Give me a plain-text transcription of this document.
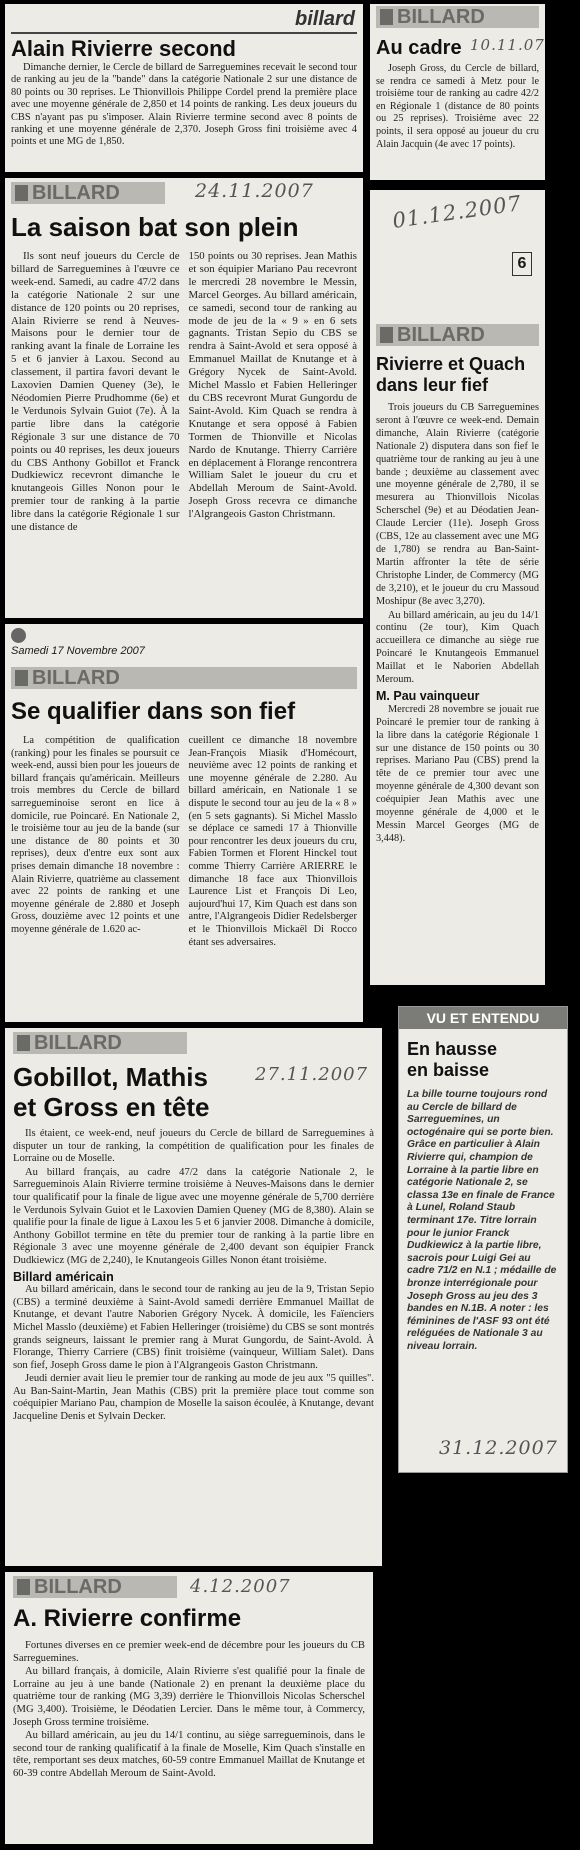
billard
Alain Rivierre second

Dimanche dernier, le Cercle de billard de Sarreguemines recevait le second tour de ranking au jeu de la "bande" dans la catégorie Nationale 2 sur une distance de 80 points ou 30 reprises. Le Thionvillois Philippe Cordel prend la première place avec une moyenne générale de 2,850 et 14 points de ranking. Les deux joueurs du CBS n'ayant pas pu s'imposer. Alain Rivierre termine second avec 8 points de ranking et une moyenne générale de 2,370. Joseph Gross fini troisième avec 4 points et une MG de 1,850.

BILLARD
Au cadre 10.11.07

Joseph Gross, du Cercle de billard, se rendra ce samedi à Metz pour le troisième tour de ranking au cadre 42/2 en Régionale 1 (distance de 80 points ou 25 reprises). Troisième avec 22 points, il sera opposé au joueur du cru Alain Jacquin (4e avec 17 points).

BILLARD	24.11.2007
La saison bat son plein

Ils sont neuf joueurs du Cercle de billard de Sarreguemines à l'œuvre ce week-end. Samedi, au cadre 47/2 dans la catégorie Nationale 2 sur une distance de 120 points ou 20 reprises, Alain Rivierre se rend à Neuves-Maisons pour le dernier tour de ranking avant la finale de Lorraine les 5 et 6 janvier à Laxou. Second au classement, il partira favori devant le Laxovien Damien Queney (3e), le Néodomien Pierre Prudhomme (6e) et le Verdunois Sylvain Guiot (7e). À la partie libre dans la catégorie Régionale 3 sur une distance de 70 points ou 40 reprises, les deux joueurs du CBS Anthony Gobillot et Franck Dudkiewicz recevront dimanche le knutangeois Gilles Nonon pour le premier tour de ranking à la partie libre dans la catégorie Régionale 1 sur une distance de

150 points ou 30 reprises. Jean Mathis et son équipier Mariano Pau recevront le mercredi 28 novembre le Messin, Marcel Georges. Au billard américain, ce samedi, second tour de ranking au mode de jeu de la « 9 » en 6 sets gagnants. Tristan Sepio du CBS se rendra à Saint-Avold et sera opposé à Emmanuel Maillat de Knutange et à Grégory Nycek de Saint-Avold. Michel Masslo et Fabien Helleringer du CBS recevront Murat Gungordu de Saint-Avold. Kim Quach se rendra à Knutange et sera opposé à Fabien Tormen de Thionville et Nicolas Nardo de Knutange. Thierry Carrière en déplacement à Florange rencontrera William Salet le joueur du cru et Abdellah Meroum de Saint-Avold. Joseph Gross recevra ce dimanche l'Algrangeois Gaston Christmann.

01.12.2007
6
BILLARD
Rivierre et Quach dans leur fief

Trois joueurs du CB Sarreguemines seront à l'œuvre ce week-end. Demain dimanche, Alain Rivierre (catégorie Nationale 2) disputera dans son fief le quatrième tour de ranking au jeu à une bande ; deuxième au classement avec une moyenne générale de 2,780, il se mesurera au Thionvillois Nicolas Scherschel (9e) et au Déodatien Jean-Claude Lercier (11e). Joseph Gross (CBS, 12e au classement avec une MG de 1,780) se rendra au Ban-Saint-Martin affronter la tête de série Christophe Linder, de Commercy (MG de 3,210), et le joueur du cru Massoud Moshipur (8e avec 3,270).

Au billard américain, au jeu du 14/1 continu (2e tour), Kim Quach accueillera ce dimanche au siège rue Poincaré le Knutangeois Emmanuel Maillat et le Naborien Abdellah Meroum.

M. Pau vainqueur

Mercredi 28 novembre se jouait rue Poincaré le premier tour de ranking à la libre dans la catégorie Régionale 1 sur une distance de 150 points ou 30 reprises. Mariano Pau (CBS) prend la tête de ce premier tour avec une moyenne générale de 4,300 devant son coéquipier Jean Mathis avec une moyenne générale de 4,000 et le Messin Marcel Georges (MG de 3,448).

Samedi 17 Novembre 2007
BILLARD
Se qualifier dans son fief

La compétition de qualification (ranking) pour les finales se poursuit ce week-end, aussi bien pour les joueurs de billard français qu'américain. Meilleurs trois membres du Cercle de billard sarregueminoise seront en lice à domicile, rue Poincaré. En Nationale 2, le troisième tour au jeu de la bande (sur une distance de 80 points et 30 reprises), deux d'entre eux sont aux prises demain dimanche 18 novembre : Alain Rivierre, quatrième au classement avec 22 points de ranking et une moyenne générale de 2.880 et Joseph Gross, douzième avec 12 points et une moyenne générale de 1.620 ac-

cueillent ce dimanche 18 novembre Jean-François Miasik d'Homécourt, neuvième avec 12 points de ranking et une moyenne générale de 2.280. Au billard américain, en Nationale 1 se dispute le second tour au jeu de la « 8 » (en 5 sets gagnants). Si Michel Masslo se déplace ce samedi 17 à Thionville pour rencontrer les deux joueurs du cru, Fabien Tormen et Florent Hinckel tout comme Thierry Carrière ARIERRE le dimanche 18 face aux Thionvillois Laurence List et François Di Leo, aujourd'hui 17, Kim Quach est dans son antre, l'Algrangeois Didier Redelsberger et le Thionvillois Mickaël Di Rocco étant ses adversaires.

BILLARD
27.11.2007
Gobillot, Mathis
et Gross en tête

Ils étaient, ce week-end, neuf joueurs du Cercle de billard de Sarreguemines à disputer un tour de ranking, la compétition de qualification pour les finales de Lorraine ou de Moselle.

Au billard français, au cadre 47/2 dans la catégorie Nationale 2, le Sarregueminois Alain Rivierre termine troisième à Neuves-Maisons dans le dernier tour qualificatif pour la finale de ligue avec une moyenne générale de 5,700 derrière le Verdunois Sylvain Guiot et le Laxovien Damien Queney (MG de 8,380). Alain se qualifie pour la finale de ligue à Laxou les 5 et 6 janvier 2008. Dimanche à domicile, Anthony Gobillot termine en tête du premier tour de ranking à la partie libre en Régionale 3 avec une moyenne générale de 2,400 devant son équipier Franck Dudkiewicz (MG de 2,240), le Knutangeois Gilles Nonon étant troisième.

Billard américain

Au billard américain, dans le second tour de ranking au jeu de la 9, Tristan Sepio (CBS) a terminé deuxième à Saint-Avold samedi derrière Emmanuel Maillat de Knutange, et devant l'autre Naborien Grégory Nycek. À domicile, les Faïenciers Michel Masslo (deuxième) et Fabien Helleringer (troisième) du CBS se sont montrés grands seigneurs, laissant le premier rang à Murat Gungordu, de Saint-Avold. À Florange, Thierry Carriere (CBS) finit troisième (vainqueur, William Salet). Dans son fief, Joseph Gross dame le pion à l'Algrangeois Gaston Christmann.

Jeudi dernier avait lieu le premier tour de ranking au mode de jeu aux "5 quilles". Au Ban-Saint-Martin, Jean Mathis (CBS) prit la première place tout comme son coéquipier Mariano Pau, champion de Moselle la saison écoulée, à Knutange, devant Jacqueline Denis et Sylvain Decker.

VU ET ENTENDU
En hausse en baisse
La bille tourne toujours rond au Cercle de billard de Sarreguemines, un octogénaire qui se porte bien. Grâce en particulier à Alain Rivierre qui, champion de Lorraine à la partie libre en catégorie Nationale 2, se classa 13e en finale de France à Lunel, Roland Staub terminant 17e. Titre lorrain pour le junior Franck Dudkiewicz à la partie libre, sacrois pour Luigi Gei au cadre 71/2 en N.1 ; médaille de bronze interrégionale pour Joseph Gross au jeu des 3 bandes en N.1B. A noter : les féminines de l'ASF 93 ont été reléguées de Nationale 3 au niveau lorrain.
31.12.2007
BILLARD	4.12.2007
A. Rivierre confirme

Fortunes diverses en ce premier week-end de décembre pour les joueurs du CB Sarreguemines.

Au billard français, à domicile, Alain Rivierre s'est qualifié pour la finale de Lorraine au jeu à une bande (Nationale 2) en prenant la deuxième place du quatrième tour de ranking (MG 3,39) derrière le Thionvillois Nicolas Scherschel (MG 3,400). Troisième, le Déodatien Lercier. Dans le même tour, à Commercy, Joseph Gross termine troisième.

Au billard américain, au jeu du 14/1 continu, au siège sarregueminois, dans le second tour de ranking qualificatif à la finale de Moselle, Kim Quach s'installe en tête, remportant ses deux matches, 60-59 contre Emmanuel Maillat de Knutange et 60-39 contre Abdellah Meroum de Saint-Avold.
